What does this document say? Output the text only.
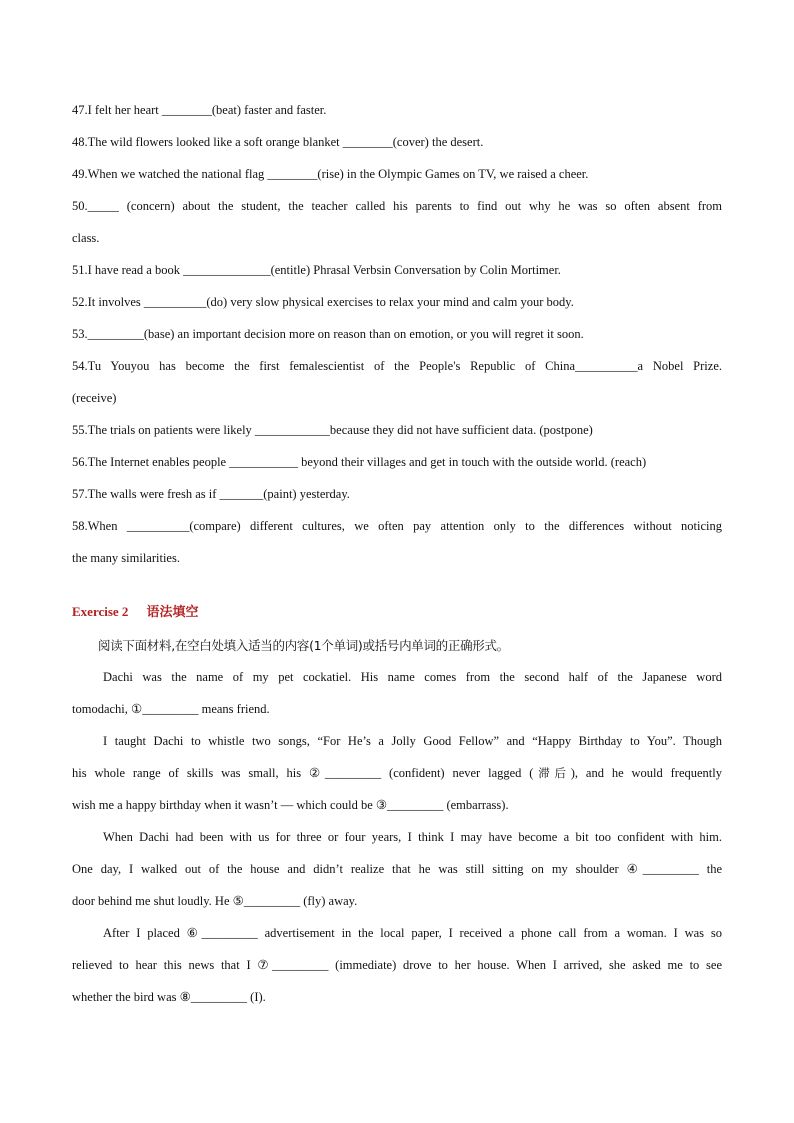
47.I felt her heart ________(beat) faster and faster.
48.The wild flowers looked like a soft orange blanket ________(cover) the desert.
49.When we watched the national flag ________(rise) in the Olympic Games on TV, we raised a cheer.
50._____ (concern) about the student, the teacher called his parents to find out why he was so often absent from
class.
51.I have read a book ______________(entitle) Phrasal Verbsin Conversation by Colin Mortimer.
52.It involves __________(do) very slow physical exercises to relax your mind and calm your body.
53._________(base) an important decision more on reason than on emotion, or you will regret it soon.
54.Tu Youyou has become the first femalescientist of the People's Republic of China__________a Nobel Prize.
(receive)
55.The trials on patients were likely ____________because they did not have sufficient data. (postpone)
56.The Internet enables people ___________ beyond their villages and get in touch with the outside world. (reach)
57.The walls were fresh as if _______(paint) yesterday.
58.When __________(compare) different cultures, we often pay attention only to the differences without noticing
the many similarities.
Exercise 2 语法填空
阅读下面材料,在空白处填入适当的内容(1个单词)或括号内单词的正确形式。
Dachi was the name of my pet cockatiel. His name comes from the second half of the Japanese word
tomodachi, ①_________ means friend.
I taught Dachi to whistle two songs, “For He’s a Jolly Good Fellow” and “Happy Birthday to You”. Though
his whole range of skills was small, his ②_________ (confident) never lagged (滞后), and he would frequently
wish me a happy birthday when it wasn’t — which could be ③_________ (embarrass).
When Dachi had been with us for three or four years, I think I may have become a bit too confident with him.
One day, I walked out of the house and didn’t realize that he was still sitting on my shoulder ④_________ the
door behind me shut loudly. He ⑤_________ (fly) away.
After I placed ⑥_________ advertisement in the local paper, I received a phone call from a woman. I was so
relieved to hear this news that I ⑦_________ (immediate) drove to her house. When I arrived, she asked me to see
whether the bird was ⑧_________ (I).
